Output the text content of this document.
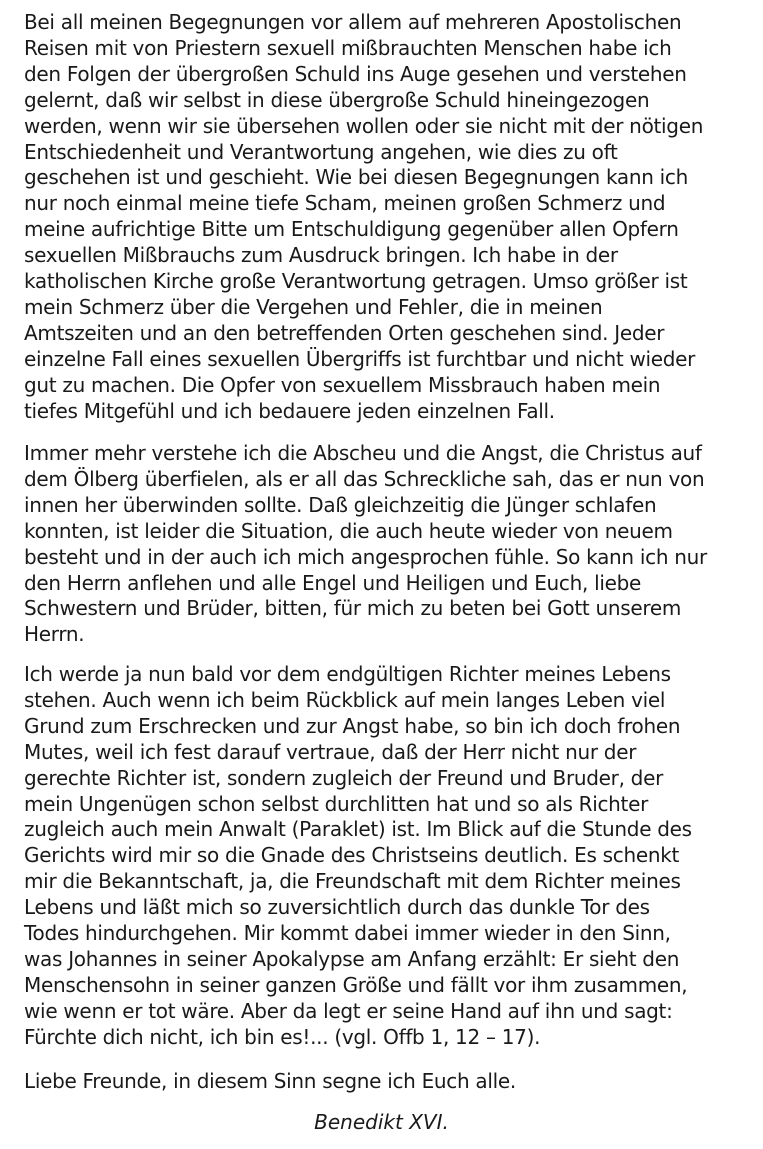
Bei all meinen Begegnungen vor allem auf mehreren Apostolischen
Reisen mit von Priestern sexuell mißbrauchten Menschen habe ich
den Folgen der übergroßen Schuld ins Auge gesehen und verstehen
gelernt, daß wir selbst in diese übergroße Schuld hineingezogen
werden, wenn wir sie übersehen wollen oder sie nicht mit der nötigen
Entschiedenheit und Verantwortung angehen, wie dies zu oft
geschehen ist und geschieht. Wie bei diesen Begegnungen kann ich
nur noch einmal meine tiefe Scham, meinen großen Schmerz und
meine aufrichtige Bitte um Entschuldigung gegenüber allen Opfern
sexuellen Mißbrauchs zum Ausdruck bringen. Ich habe in der
katholischen Kirche große Verantwortung getragen. Umso größer ist
mein Schmerz über die Vergehen und Fehler, die in meinen
Amtszeiten und an den betreffenden Orten geschehen sind. Jeder
einzelne Fall eines sexuellen Übergriffs ist furchtbar und nicht wieder
gut zu machen. Die Opfer von sexuellem Missbrauch haben mein
tiefes Mitgefühl und ich bedauere jeden einzelnen Fall.
Immer mehr verstehe ich die Abscheu und die Angst, die Christus auf
dem Ölberg überfielen, als er all das Schreckliche sah, das er nun von
innen her überwinden sollte. Daß gleichzeitig die Jünger schlafen
konnten, ist leider die Situation, die auch heute wieder von neuem
besteht und in der auch ich mich angesprochen fühle. So kann ich nur
den Herrn anflehen und alle Engel und Heiligen und Euch, liebe
Schwestern und Brüder, bitten, für mich zu beten bei Gott unserem
Herrn.
Ich werde ja nun bald vor dem endgültigen Richter meines Lebens
stehen. Auch wenn ich beim Rückblick auf mein langes Leben viel
Grund zum Erschrecken und zur Angst habe, so bin ich doch frohen
Mutes, weil ich fest darauf vertraue, daß der Herr nicht nur der
gerechte Richter ist, sondern zugleich der Freund und Bruder, der
mein Ungenügen schon selbst durchlitten hat und so als Richter
zugleich auch mein Anwalt (Paraklet) ist. Im Blick auf die Stunde des
Gerichts wird mir so die Gnade des Christseins deutlich. Es schenkt
mir die Bekanntschaft, ja, die Freundschaft mit dem Richter meines
Lebens und läßt mich so zuversichtlich durch das dunkle Tor des
Todes hindurchgehen. Mir kommt dabei immer wieder in den Sinn,
was Johannes in seiner Apokalypse am Anfang erzählt: Er sieht den
Menschensohn in seiner ganzen Größe und fällt vor ihm zusammen,
wie wenn er tot wäre. Aber da legt er seine Hand auf ihn und sagt:
Fürchte dich nicht, ich bin es!... (vgl. Offb 1, 12 – 17).
Liebe Freunde, in diesem Sinn segne ich Euch alle.
Benedikt XVI.
